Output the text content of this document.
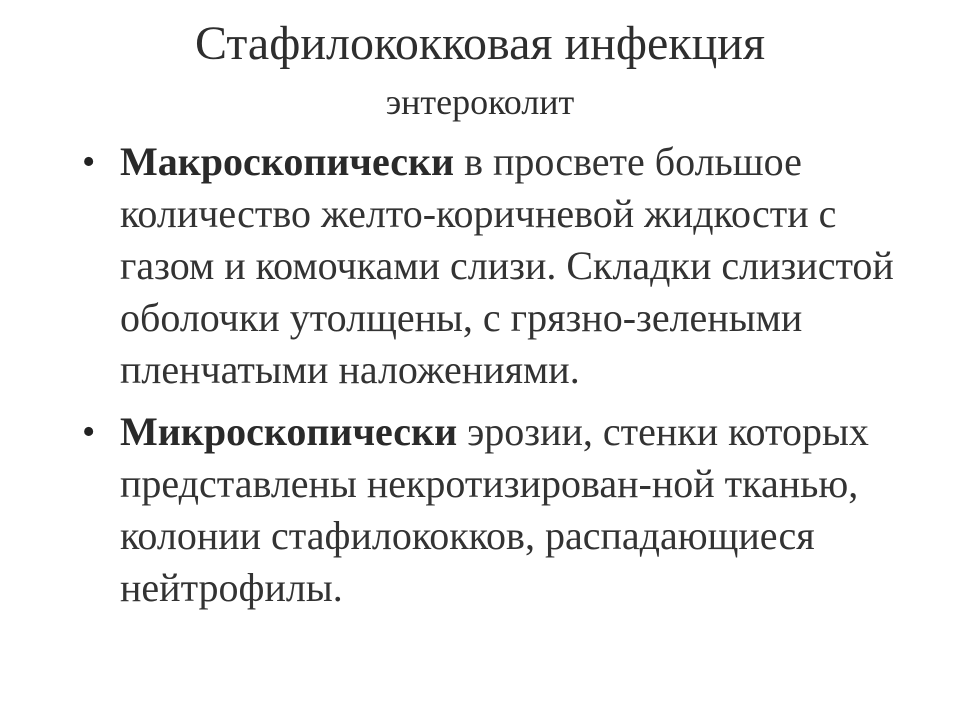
Стафилококковая инфекция
энтероколит
• Макроскопически в просвете большое количество желто-коричневой жидкости с газом и комочками слизи. Складки слизистой оболочки утолщены, с грязно-зелеными пленчатыми наложениями.
• Микроскопически эрозии, стенки которых представлены некротизирован-ной тканью, колонии стафилококков, распадающиеся нейтрофилы.
